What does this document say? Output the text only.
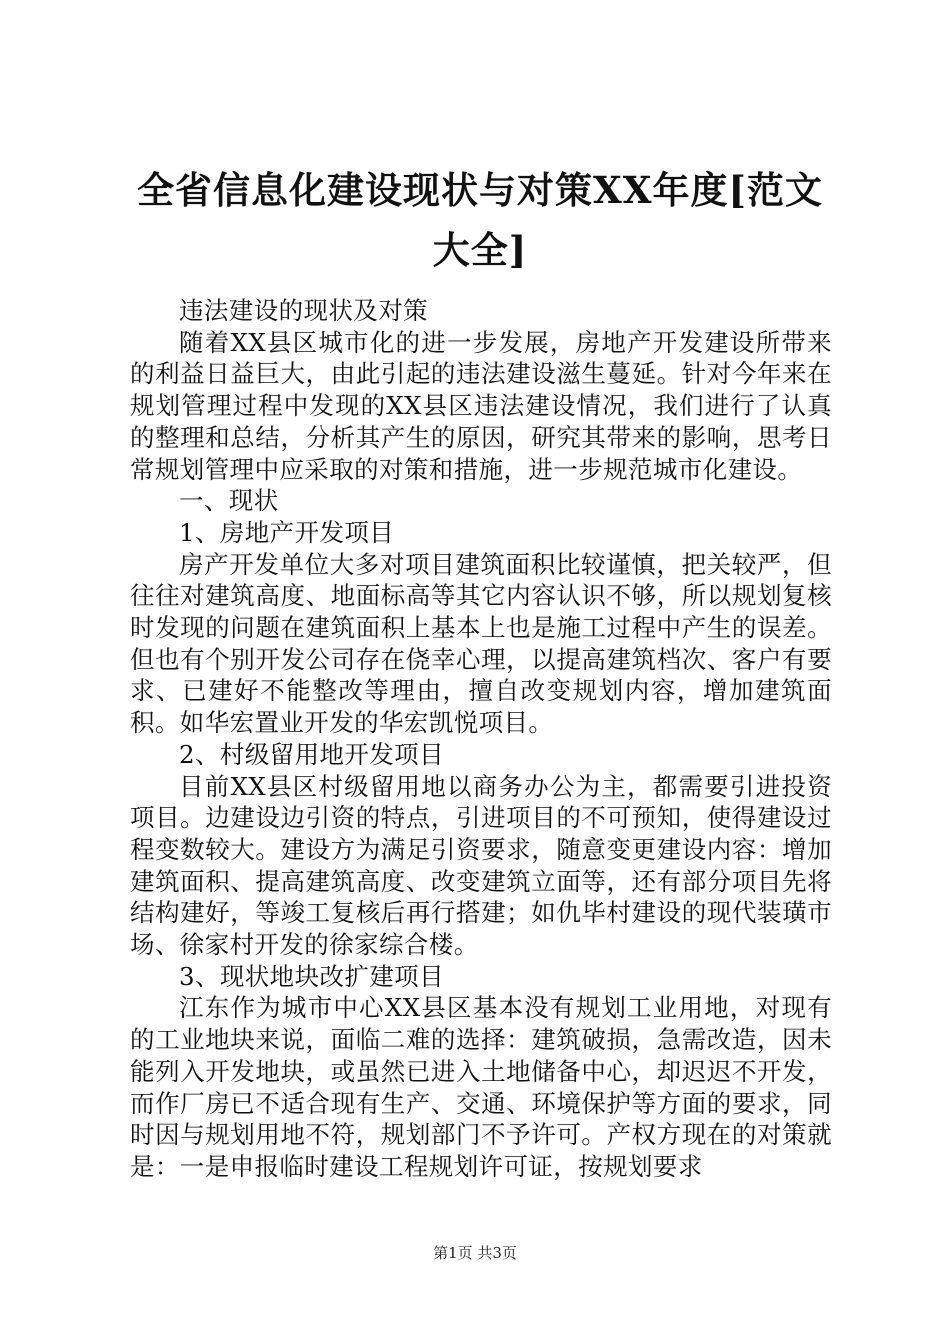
全省信息化建设现状与对策XX年度[范文大全]

违法建设的现状及对策

随着XX县区城市化的进一步发展，房地产开发建设所带来的利益日益巨大，由此引起的违法建设滋生蔓延。针对今年来在规划管理过程中发现的XX县区违法建设情况，我们进行了认真的整理和总结，分析其产生的原因，研究其带来的影响，思考日常规划管理中应采取的对策和措施，进一步规范城市化建设。

一、现状

1、房地产开发项目

房产开发单位大多对项目建筑面积比较谨慎，把关较严，但往往对建筑高度、地面标高等其它内容认识不够，所以规划复核时发现的问题在建筑面积上基本上也是施工过程中产生的误差。但也有个别开发公司存在侥幸心理，以提高建筑档次、客户有要求、已建好不能整改等理由，擅自改变规划内容，增加建筑面积。如华宏置业开发的华宏凯悦项目。

2、村级留用地开发项目

目前XX县区村级留用地以商务办公为主，都需要引进投资项目。边建设边引资的特点，引进项目的不可预知，使得建设过程变数较大。建设方为满足引资要求，随意变更建设内容：增加建筑面积、提高建筑高度、改变建筑立面等，还有部分项目先将结构建好，等竣工复核后再行搭建；如仇毕村建设的现代装璜市场、徐家村开发的徐家综合楼。

3、现状地块改扩建项目

江东作为城市中心XX县区基本没有规划工业用地，对现有的工业地块来说，面临二难的选择：建筑破损，急需改造，因未能列入开发地块，或虽然已进入土地储备中心，却迟迟不开发，而作厂房已不适合现有生产、交通、环境保护等方面的要求，同时因与规划用地不符，规划部门不予许可。产权方现在的对策就是：一是申报临时建设工程规划许可证，按规划要求

第1页 共3页
